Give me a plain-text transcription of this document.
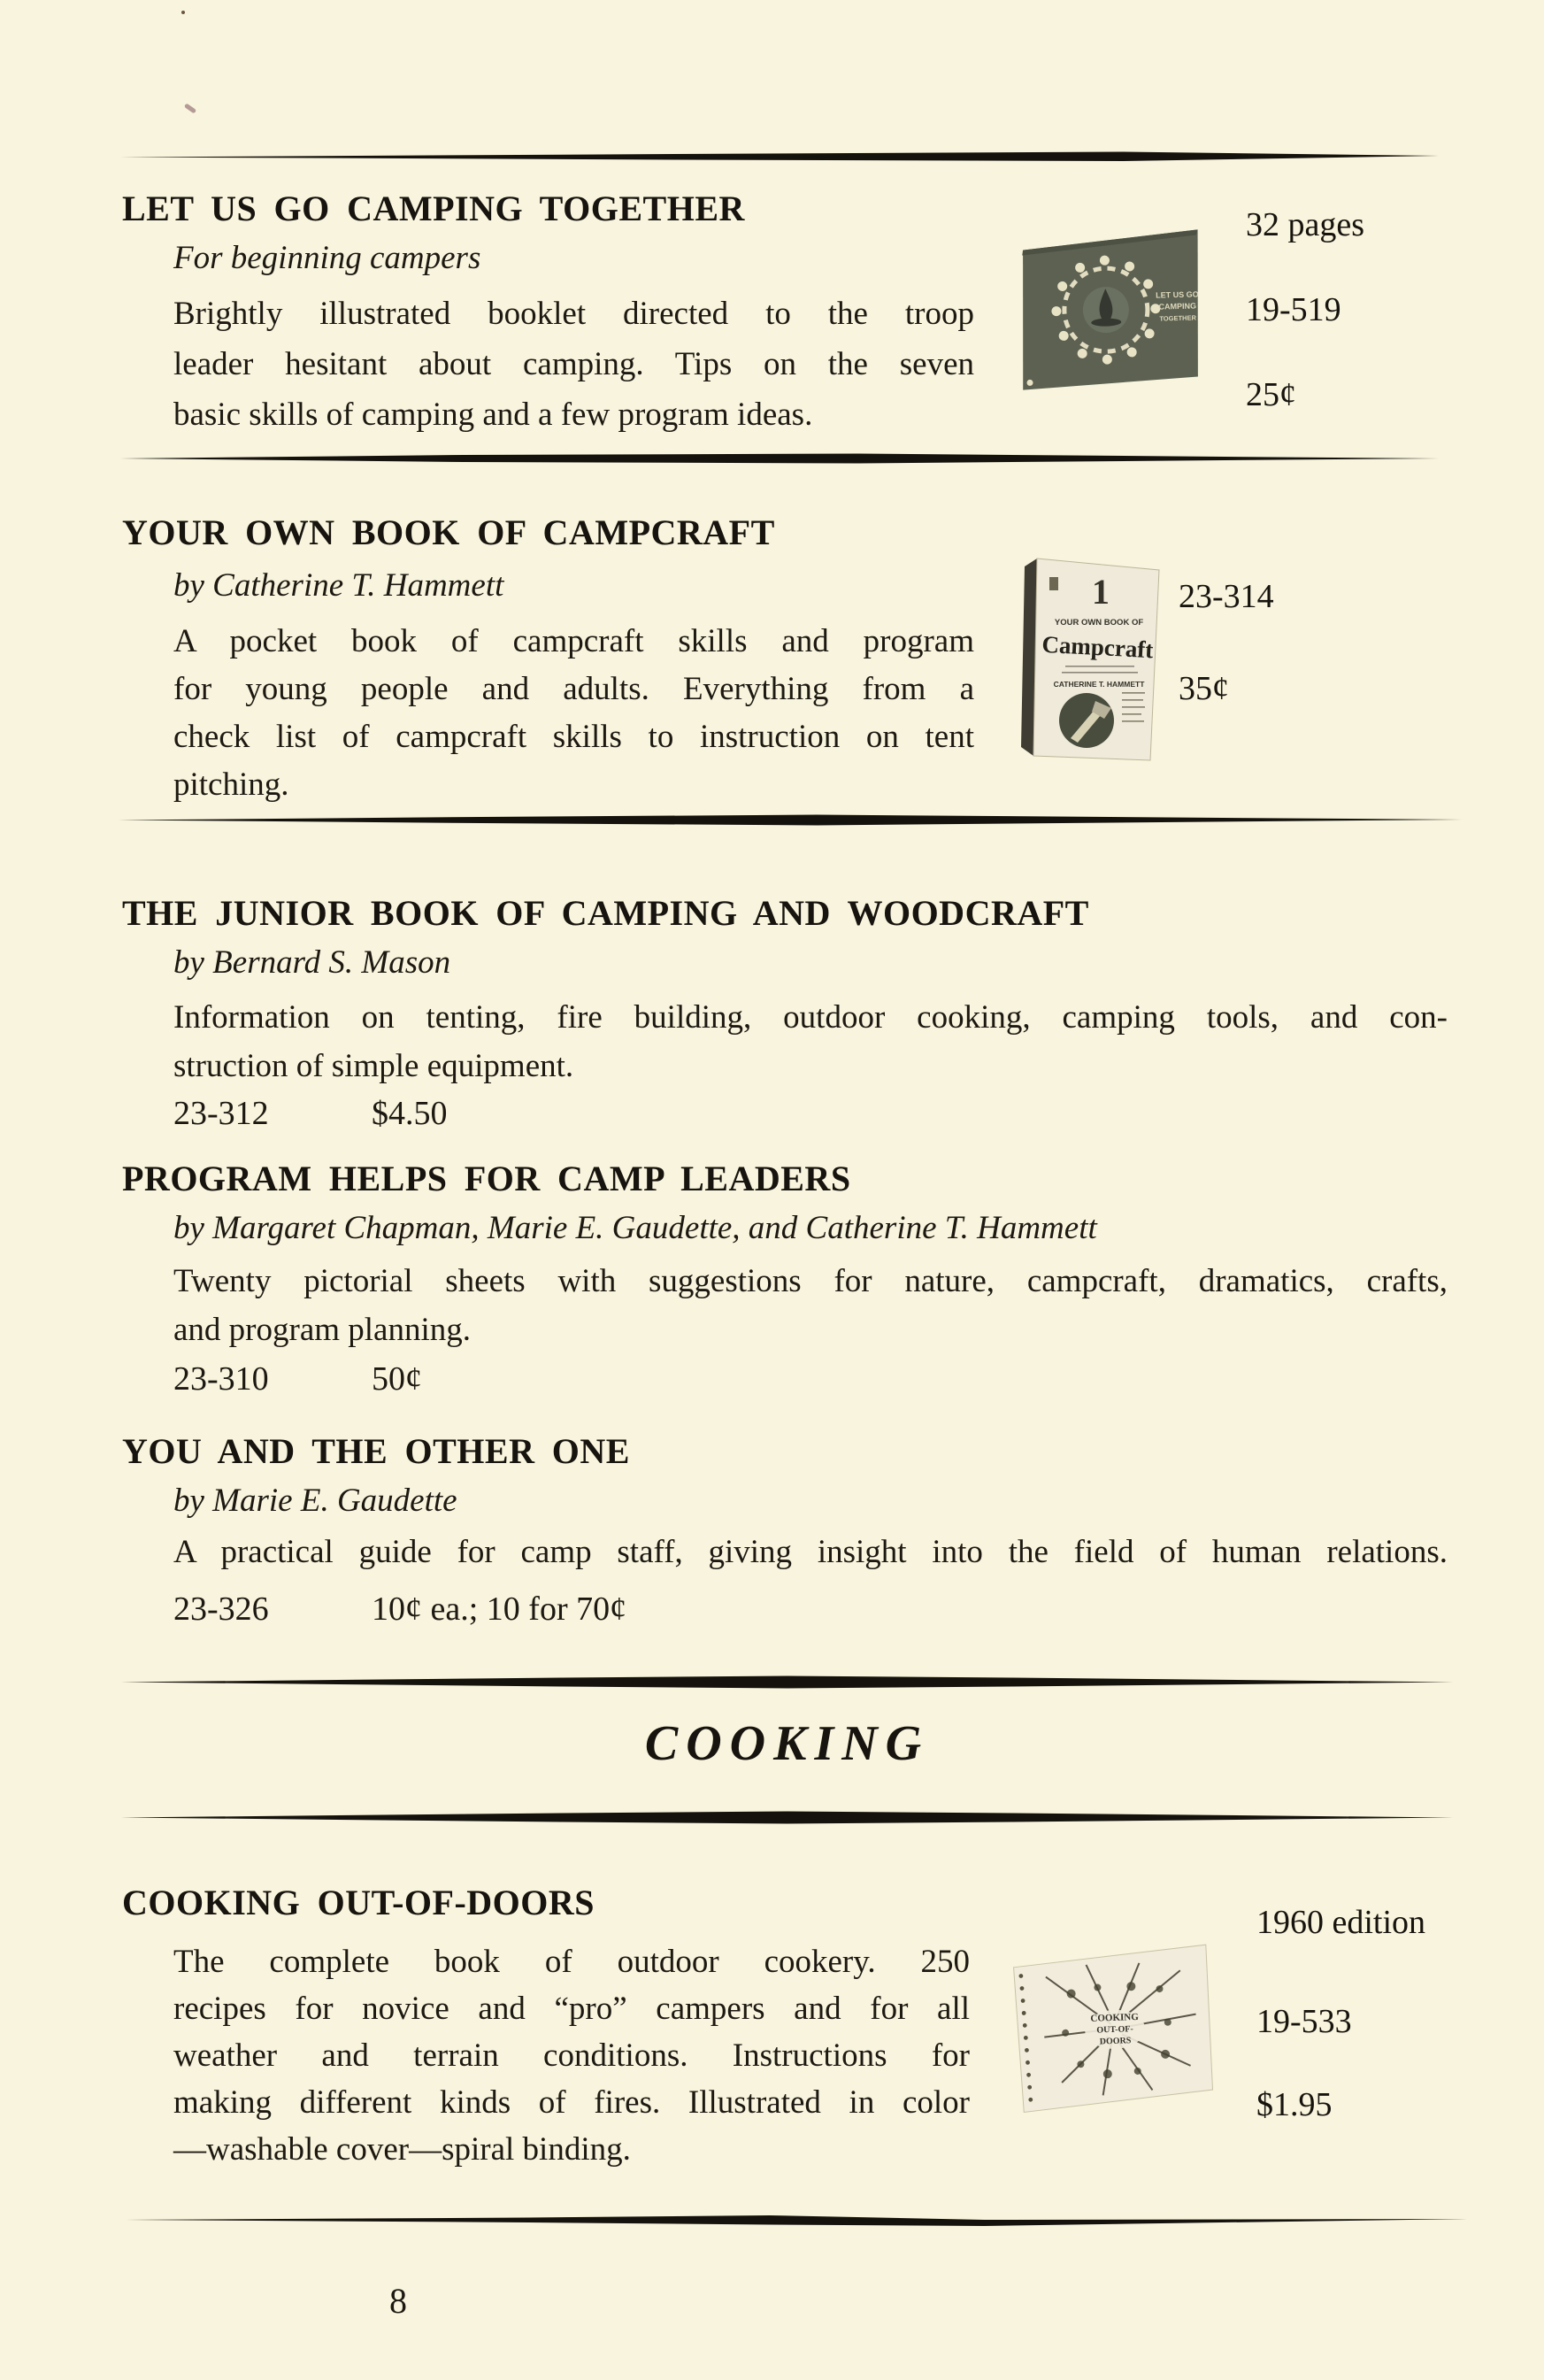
LET US GO CAMPING TOGETHER
For beginning campers
Brightly illustrated booklet directed to the troop
leader hesitant about camping. Tips on the seven
basic skills of camping and a few program ideas.
LET US GO
CAMPING
TOGETHER
32 pages
19-519
25¢
YOUR OWN BOOK OF CAMPCRAFT
by Catherine T. Hammett
A pocket book of campcraft skills and program
for young people and adults. Everything from a
check list of campcraft skills to instruction on tent
pitching.
1
YOUR OWN BOOK OF
Campcraft
CATHERINE T. HAMMETT
23-314
35¢
THE JUNIOR BOOK OF CAMPING AND WOODCRAFT
by Bernard S. Mason
Information on tenting, fire building, outdoor cooking, camping tools, and con-
struction of simple equipment.
23-312	$4.50
PROGRAM HELPS FOR CAMP LEADERS
by Margaret Chapman, Marie E. Gaudette, and Catherine T. Hammett
Twenty pictorial sheets with suggestions for nature, campcraft, dramatics, crafts,
and program planning.
23-310	50¢
YOU AND THE OTHER ONE
by Marie E. Gaudette
A practical guide for camp staff, giving insight into the field of human relations.
23-326	10¢ ea.; 10 for 70¢
COOKING
COOKING OUT-OF-DOORS
The complete book of outdoor cookery. 250
recipes for novice and “pro” campers and for all
weather and terrain conditions. Instructions for
making different kinds of fires. Illustrated in color
—washable cover—spiral binding.
COOKING
OUT-OF-
DOORS
1960 edition
19-533
$1.95
8
